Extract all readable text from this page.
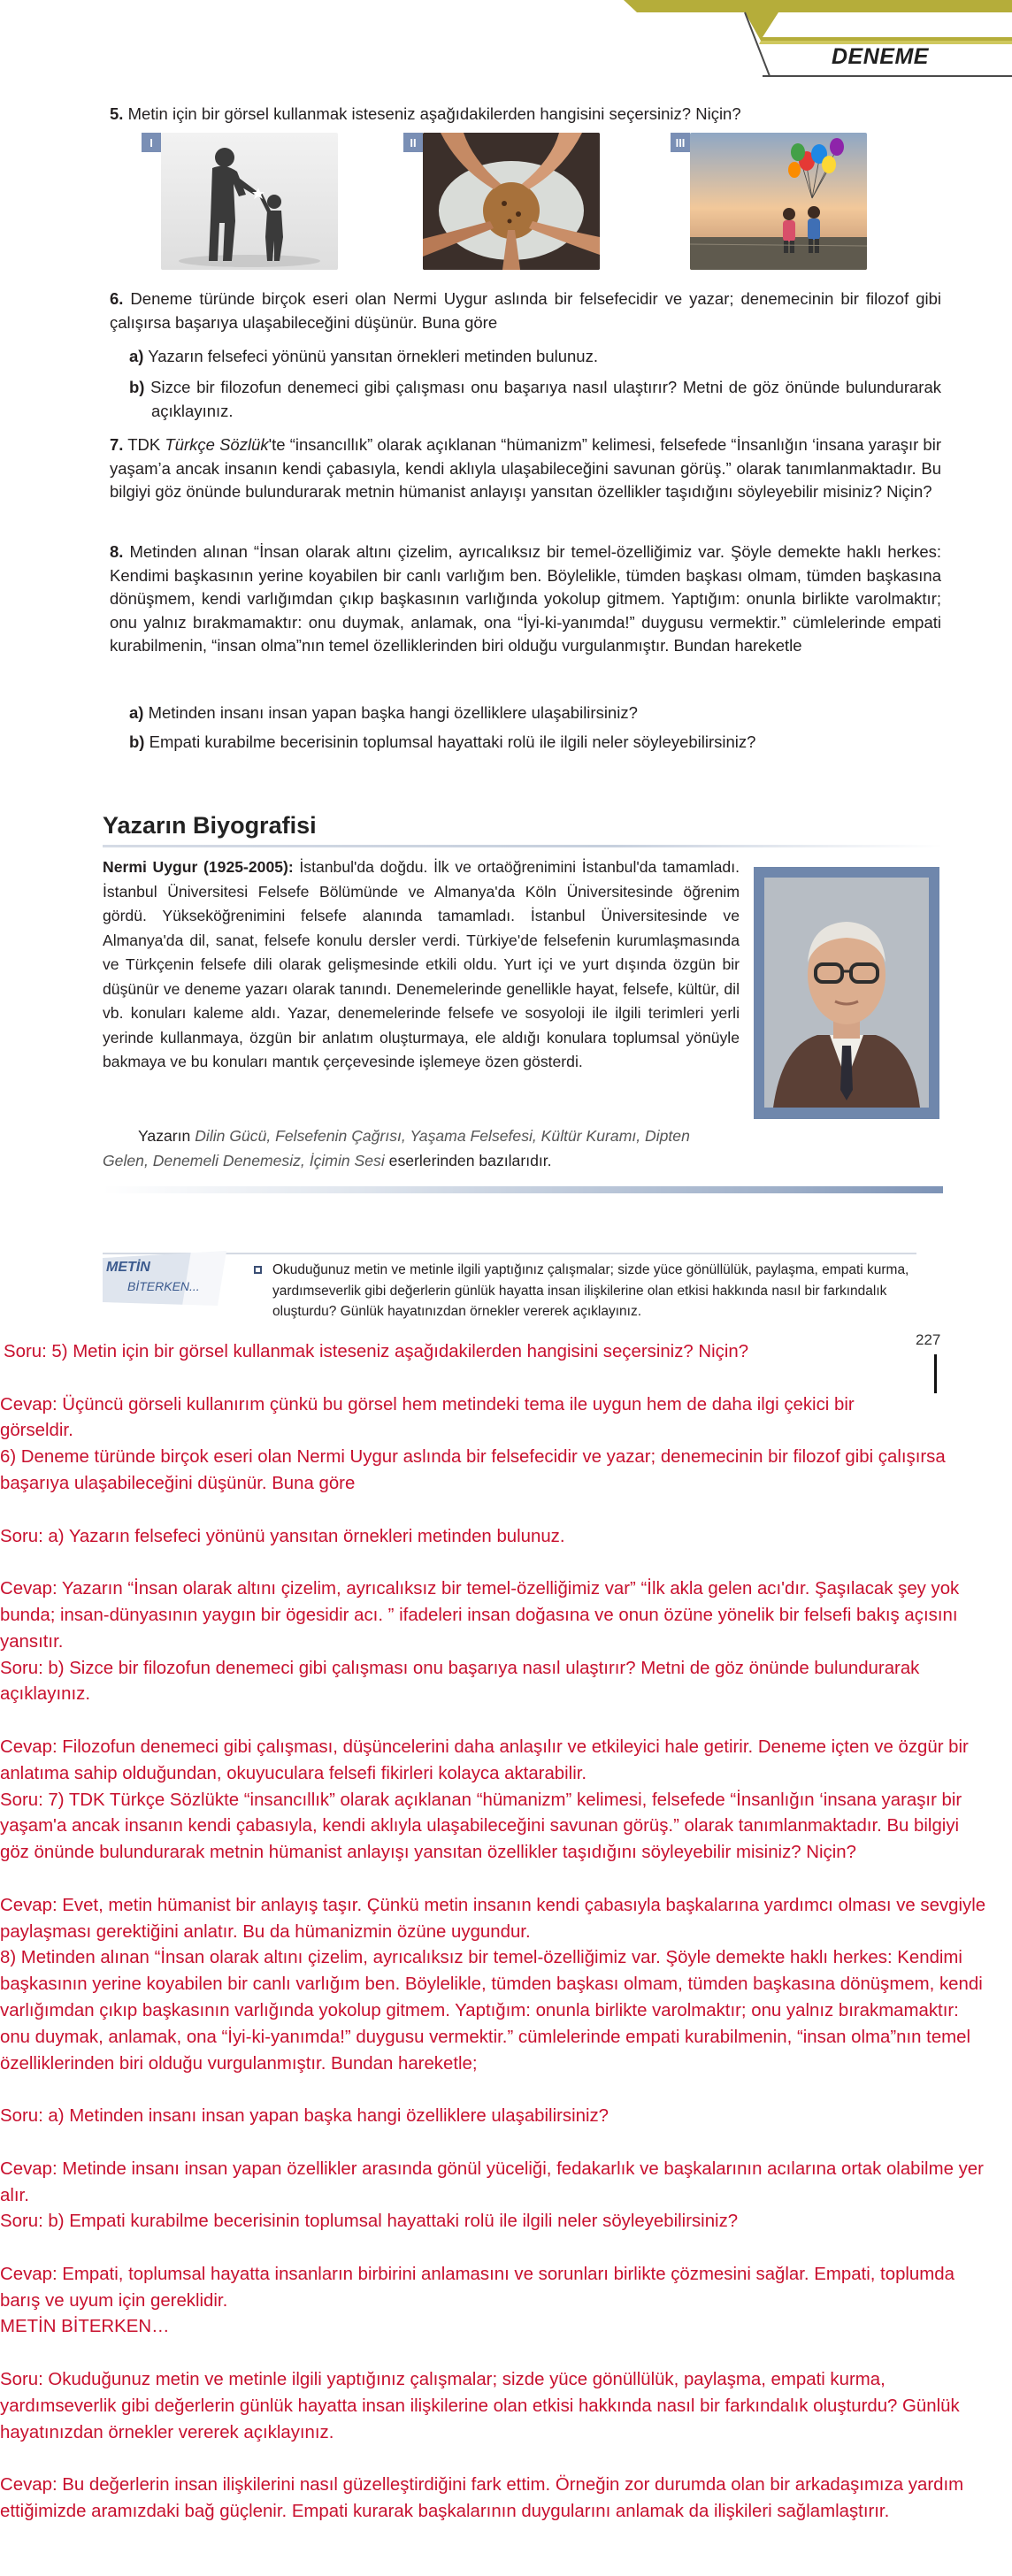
DENEME
5. Metin için bir görsel kullanmak isteseniz aşağıdakilerden hangisini seçersiniz? Niçin?
I	II	III
6. Deneme türünde birçok eseri olan Nermi Uygur aslında bir felsefecidir ve yazar; denemecinin bir filozof gibi çalışırsa başarıya ulaşabileceğini düşünür. Buna göre
a) Yazarın felsefeci yönünü yansıtan örnekleri metinden bulunuz.
b) Sizce bir filozofun denemeci gibi çalışması onu başarıya nasıl ulaştırır? Metni de göz önünde bulundurarak açıklayınız.
7. TDK Türkçe Sözlük'te “insancıllık” olarak açıklanan “hümanizm” kelimesi, felsefede “İnsanlığın ‘insana yaraşır bir yaşam’a ancak insanın kendi çabasıyla, kendi aklıyla ulaşabileceğini savunan görüş.” olarak tanımlanmaktadır. Bu bilgiyi göz önünde bulundurarak metnin hümanist anlayışı yansıtan özellikler taşıdığını söyleyebilir misiniz? Niçin?
8. Metinden alınan “İnsan olarak altını çizelim, ayrıcalıksız bir temel-özelliğimiz var. Şöyle demekte haklı herkes: Kendimi başkasının yerine koyabilen bir canlı varlığım ben. Böylelikle, tümden başkası olmam, tümden başkasına dönüşmem, kendi varlığımdan çıkıp başkasının varlığında yokolup gitmem. Yaptığım: onunla birlikte varolmaktır; onu yalnız bırakmamaktır: onu duymak, anlamak, ona “İyi-ki-yanımda!” duygusu vermektir.” cümlelerinde empati kurabilmenin, “insan olma”nın temel özelliklerinden biri olduğu vurgulanmıştır. Bundan hareketle
a) Metinden insanı insan yapan başka hangi özelliklere ulaşabilirsiniz?
b) Empati kurabilme becerisinin toplumsal hayattaki rolü ile ilgili neler söyleyebilirsiniz?
Yazarın Biyografisi
Nermi Uygur (1925-2005): İstanbul'da doğdu. İlk ve ortaöğrenimini İstanbul'da tamamladı. İstanbul Üniversitesi Felsefe Bölümünde ve Almanya'da Köln Üniversitesinde öğrenim gördü. Yükseköğrenimini felsefe alanında tamamladı. İstanbul Üniversitesinde ve Almanya'da dil, sanat, felsefe konulu dersler verdi. Türkiye'de felsefenin kurumlaşmasında ve Türkçenin felsefe dili olarak gelişmesinde etkili oldu. Yurt içi ve yurt dışında özgün bir düşünür ve deneme yazarı olarak tanındı. Denemelerinde genellikle hayat, felsefe, kültür, dil vb. konuları kaleme aldı. Yazar, denemelerinde felsefe ve sosyoloji ile ilgili terimleri yerli yerinde kullanmaya, özgün bir anlatım oluşturmaya, ele aldığı konulara toplumsal yönüyle bakmaya ve bu konuları mantık çerçevesinde işlemeye özen gösterdi.
Yazarın Dilin Gücü, Felsefenin Çağrısı, Yaşama Felsefesi, Kültür Kuramı, Dipten Gelen, Denemeli Denemesiz, İçimin Sesi eserlerinden bazılarıdır.
METİN
BİTERKEN...
Okuduğunuz metin ve metinle ilgili yaptığınız çalışmalar; sizde yüce gönüllülük, paylaşma, empati kurma, yardımseverlik gibi değerlerin günlük hayatta insan ilişkilerine olan etkisi hakkında nasıl bir farkındalık oluşturdu? Günlük hayatınızdan örnekler vererek açıklayınız.
227

Soru: 5) Metin için bir görsel kullanmak isteseniz aşağıdakilerden hangisini seçersiniz? Niçin?

Cevap: Üçüncü görseli kullanırım çünkü bu görsel hem metindeki tema ile uygun hem de daha ilgi çekici bir görseldir.

6) Deneme türünde birçok eseri olan Nermi Uygur aslında bir felsefecidir ve yazar; denemecinin bir filozof gibi çalışırsa başarıya ulaşabileceğini düşünür. Buna göre

Soru: a) Yazarın felsefeci yönünü yansıtan örnekleri metinden bulunuz.

Cevap: Yazarın “İnsan olarak altını çizelim, ayrıcalıksız bir temel-özelliğimiz var” “İlk akla gelen acı'dır. Şaşılacak şey yok bunda; insan-dünyasının yaygın bir ögesidir acı. ” ifadeleri insan doğasına ve onun özüne yönelik bir felsefi bakış açısını yansıtır.

Soru: b) Sizce bir filozofun denemeci gibi çalışması onu başarıya nasıl ulaştırır? Metni de göz önünde bulundurarak açıklayınız.

Cevap: Filozofun denemeci gibi çalışması, düşüncelerini daha anlaşılır ve etkileyici hale getirir. Deneme içten ve özgür bir anlatıma sahip olduğundan, okuyuculara felsefi fikirleri kolayca aktarabilir.

Soru: 7) TDK Türkçe Sözlükte “insancıllık” olarak açıklanan “hümanizm” kelimesi, felsefede “İnsanlığın ‘insana yaraşır bir yaşam'a ancak insanın kendi çabasıyla, kendi aklıyla ulaşabileceğini savunan görüş.” olarak tanımlanmaktadır. Bu bilgiyi göz önünde bulundurarak metnin hümanist anlayışı yansıtan özellikler taşıdığını söyleyebilir misiniz? Niçin?

Cevap: Evet, metin hümanist bir anlayış taşır. Çünkü metin insanın kendi çabasıyla başkalarına yardımcı olması ve sevgiyle paylaşması gerektiğini anlatır. Bu da hümanizmin özüne uygundur.

8) Metinden alınan “İnsan olarak altını çizelim, ayrıcalıksız bir temel-özelliğimiz var. Şöyle demekte haklı herkes: Kendimi başkasının yerine koyabilen bir canlı varlığım ben. Böylelikle, tümden başkası olmam, tümden başkasına dönüşmem, kendi varlığımdan çıkıp başkasının varlığında yokolup gitmem. Yaptığım: onunla birlikte varolmaktır; onu yalnız bırakmamaktır: onu duymak, anlamak, ona “İyi-ki-yanımda!” duygusu vermektir.” cümlelerinde empati kurabilmenin, “insan olma”nın temel özelliklerinden biri olduğu vurgulanmıştır. Bundan hareketle;

Soru: a) Metinden insanı insan yapan başka hangi özelliklere ulaşabilirsiniz?

Cevap: Metinde insanı insan yapan özellikler arasında gönül yüceliği, fedakarlık ve başkalarının acılarına ortak olabilme yer alır.

Soru: b) Empati kurabilme becerisinin toplumsal hayattaki rolü ile ilgili neler söyleyebilirsiniz?

Cevap: Empati, toplumsal hayatta insanların birbirini anlamasını ve sorunları birlikte çözmesini sağlar. Empati, toplumda barış ve uyum için gereklidir.

METİN BİTERKEN…

Soru: Okuduğunuz metin ve metinle ilgili yaptığınız çalışmalar; sizde yüce gönüllülük, paylaşma, empati kurma, yardımseverlik gibi değerlerin günlük hayatta insan ilişkilerine olan etkisi hakkında nasıl bir farkındalık oluşturdu? Günlük hayatınızdan örnekler vererek açıklayınız.

Cevap: Bu değerlerin insan ilişkilerini nasıl güzelleştirdiğini fark ettim. Örneğin zor durumda olan bir arkadaşımıza yardım ettiğimizde aramızdaki bağ güçlenir. Empati kurarak başkalarının duygularını anlamak da ilişkileri sağlamlaştırır.
